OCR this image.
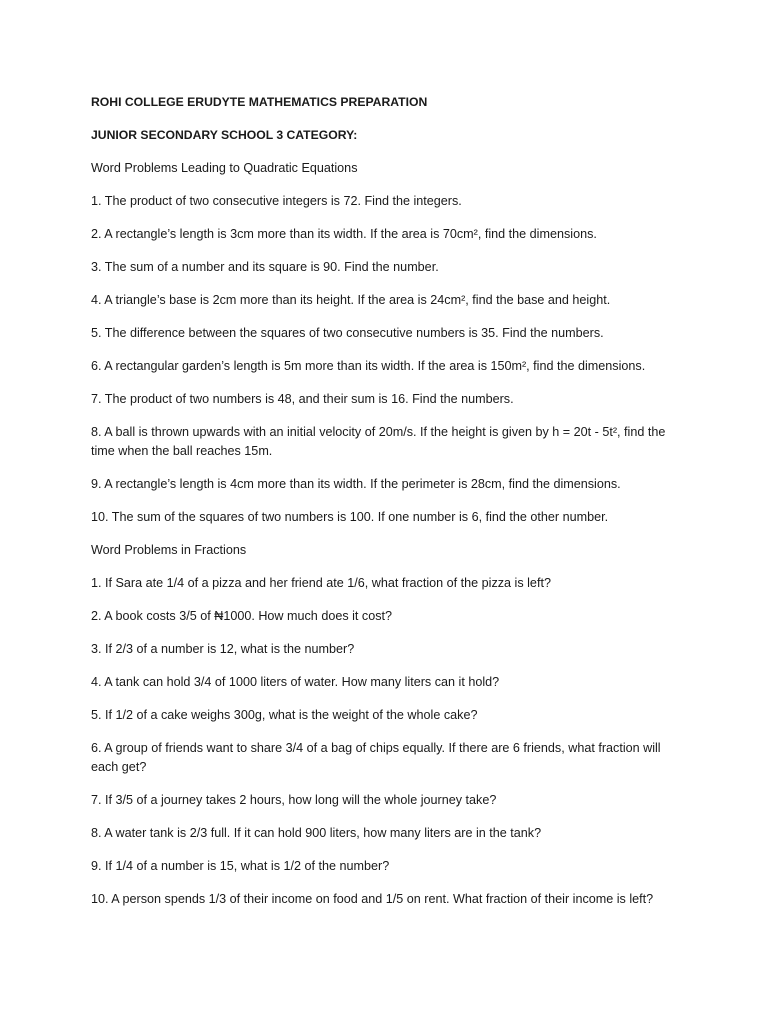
ROHI COLLEGE ERUDYTE MATHEMATICS PREPARATION

JUNIOR SECONDARY SCHOOL 3 CATEGORY:

Word Problems Leading to Quadratic Equations

1. The product of two consecutive integers is 72. Find the integers.

2. A rectangle’s length is 3cm more than its width. If the area is 70cm², find the dimensions.

3. The sum of a number and its square is 90. Find the number.

4. A triangle’s base is 2cm more than its height. If the area is 24cm², find the base and height.

5. The difference between the squares of two consecutive numbers is 35. Find the numbers.

6. A rectangular garden’s length is 5m more than its width. If the area is 150m², find the dimensions.

7. The product of two numbers is 48, and their sum is 16. Find the numbers.

8. A ball is thrown upwards with an initial velocity of 20m/s. If the height is given by h = 20t - 5t², find the time when the ball reaches 15m.

9. A rectangle’s length is 4cm more than its width. If the perimeter is 28cm, find the dimensions.

10. The sum of the squares of two numbers is 100. If one number is 6, find the other number.

Word Problems in Fractions

1. If Sara ate 1/4 of a pizza and her friend ate 1/6, what fraction of the pizza is left?

2. A book costs 3/5 of ₦1000. How much does it cost?

3. If 2/3 of a number is 12, what is the number?

4. A tank can hold 3/4 of 1000 liters of water. How many liters can it hold?

5. If 1/2 of a cake weighs 300g, what is the weight of the whole cake?

6. A group of friends want to share 3/4 of a bag of chips equally. If there are 6 friends, what fraction will each get?

7. If 3/5 of a journey takes 2 hours, how long will the whole journey take?

8. A water tank is 2/3 full. If it can hold 900 liters, how many liters are in the tank?

9. If 1/4 of a number is 15, what is 1/2 of the number?

10. A person spends 1/3 of their income on food and 1/5 on rent. What fraction of their income is left?
